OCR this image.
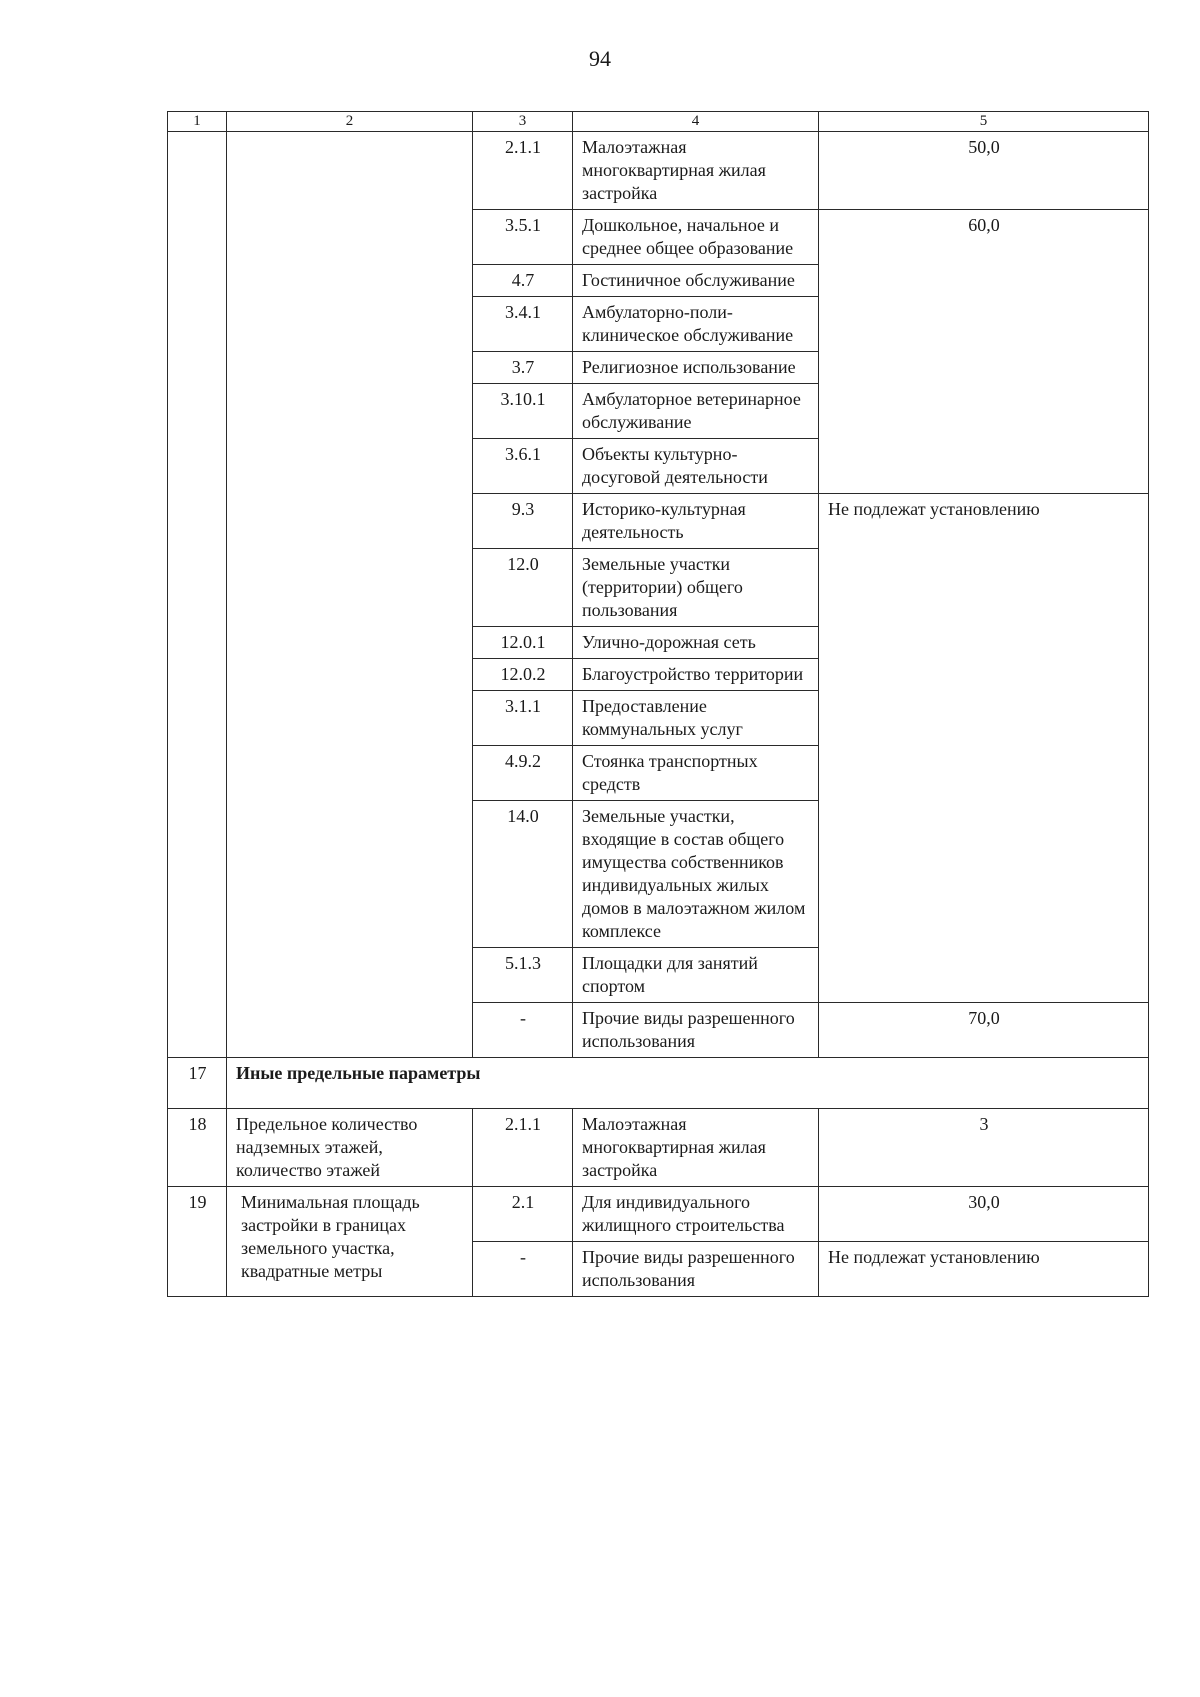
94
1	2	3	4	5
		2.1.1	Малоэтажная многоквартирная жилая застройка	50,0
		3.5.1	Дошкольное, начальное и среднее общее образование	60,0
		4.7	Гостиничное обслуживание	
		3.4.1	Амбулаторно-поли-клиническое обслуживание	
		3.7	Религиозное использование	
		3.10.1	Амбулаторное ветеринарное обслуживание	
		3.6.1	Объекты культурно-досуговой деятельности	
		9.3	Историко-культурная деятельность	Не подлежат установлению
		12.0	Земельные участки (территории) общего пользования	
		12.0.1	Улично-дорожная сеть	
		12.0.2	Благоустройство территории	
		3.1.1	Предоставление коммунальных услуг	
		4.9.2	Стоянка транспортных средств	
		14.0	Земельные участки, входящие в состав общего имущества собственников индивидуальных жилых домов в малоэтажном жилом комплексе	
		5.1.3	Площадки для занятий спортом	
		-	Прочие виды разрешенного использования	70,0
17	Иные предельные параметры			
18	Предельное количество надземных этажей, количество этажей	2.1.1	Малоэтажная многоквартирная жилая застройка	3
19	Минимальная площадь застройки в границах земельного участка, квадратные метры	2.1	Для индивидуального жилищного строительства	30,0
		-	Прочие виды разрешенного использования	Не подлежат установлению
